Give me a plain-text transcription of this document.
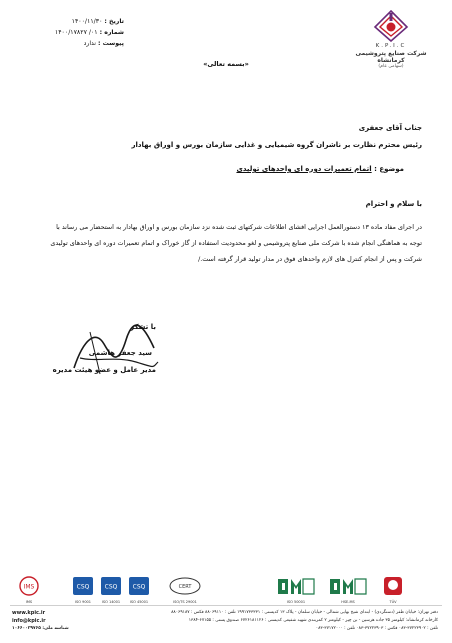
تاریخ : ۱۴۰۰/۱۱/۳۰
شماره : ۰۱/ ۱۴۰۰/۱۷۸۲۷
پیوست : ندارد	K.P.I.C
شرکت صنایع پتروشیمی کرمانشاه
(سهامی عام)
«بسمه تعالی»
جناب آقای جعفری
رئیس محترم نظارت بر ناشران گروه شیمیایی و غذایی سازمان بورس و اوراق بهادار
موضوع : اتمام تعمیرات دوره ای واحدهای تولیدی
با سلام و احترام
در اجرای مفاد ماده ۱۳ دستورالعمل اجرایی افشای اطلاعات شرکتهای ثبت شده نزد سازمان بورس و اوراق بهادار به استحضار می رساند با
توجه به هماهنگی انجام شده با شرکت ملی صنایع پتروشیمی و لغو محدودیت استفاده از گاز خوراک و اتمام تعمیرات دوره ای واحدهای تولیدی
شرکت و پس از انجام کنترل های لازم واحدهای فوق در مدار تولید قرار گرفته است./
با تشکر
سید جعفر هاشمی
مدیر عامل و عضو هیئت مدیره
IMS
IMS
CSQ
ISO 9001
CSQ
ISO 14001
CSQ
ISO 45001
CERT
ISO/TS 29001	ISO 50001	HSE-MS	TÜV
www.kpic.ir
info@kpic.ir
شناسه ملی: ۱۰۶۶۰۰۳۹۷۶۵
دفتر تهران: خیابان ظفر (دستگردی) - ابتدای شیخ بهایی شمالی - خیابان سلمان - پلاک ۱۳ کدپستی : ۱۹۹۱۷۳۳۳۳۱ تلفن : ۸۸۰۶۹۱۱۰ فکس : ۸۸۰۶۹۱۸۷
کارخانه کرمانشاه: کیلومتر ۳۵ جاده هرسین - بن چپر - کیلومتر ۲ کمربندی شهید شفیعی کدپستی : ۶۷۲۶۱۸۱۱۲۶ صندوق پستی : ۶۷۱۵۵-۱۳۸۴
تلفن : ۳۷۲۲۳۹۰۲-۰۸۳ فکس : ۳۷۲۲۳۹۰۳-۰۸۳ تلفن : ۳۷۱۷۲۰۰۰-۰۸۳
